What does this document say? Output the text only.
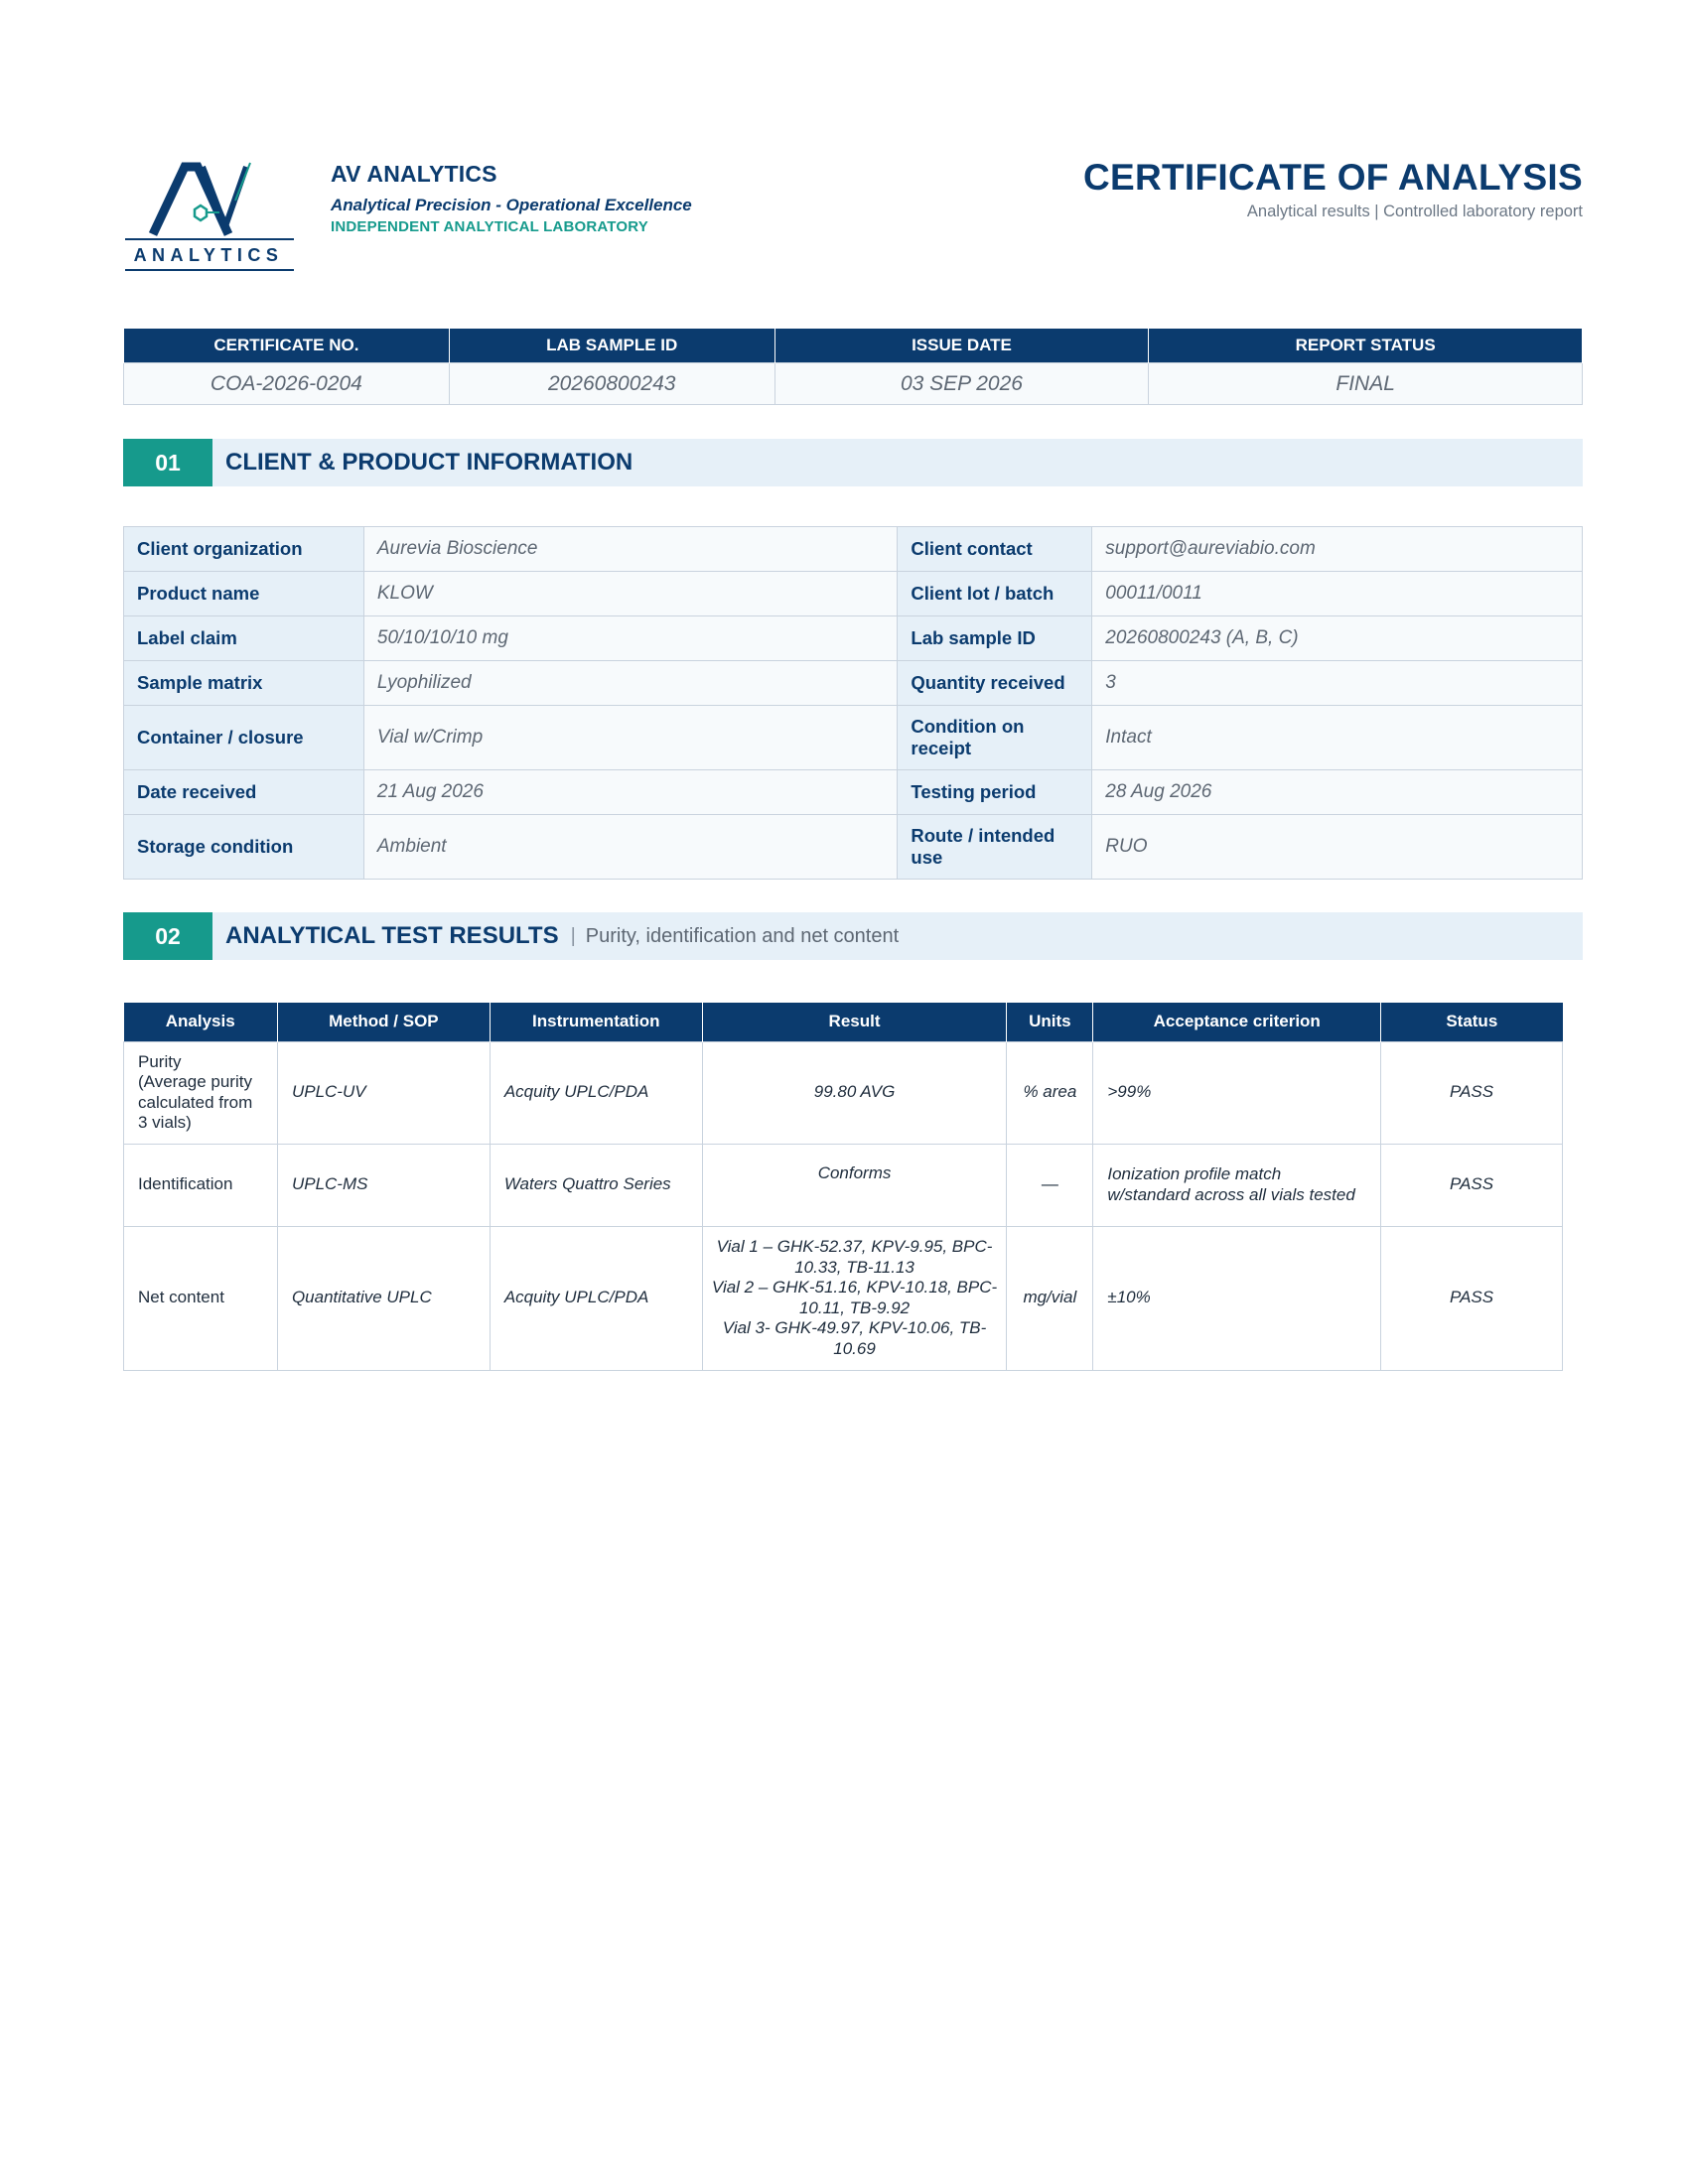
ANALYTICS
AV ANALYTICS
Analytical Precision - Operational Excellence
INDEPENDENT ANALYTICAL LABORATORY
CERTIFICATE OF ANALYSIS
Analytical results | Controlled laboratory report
CERTIFICATE NO.	LAB SAMPLE ID	ISSUE DATE	REPORT STATUS
COA-2026-0204	20260800243	03 SEP 2026	FINAL
01	CLIENT & PRODUCT INFORMATION
Client organization	Aurevia Bioscience	Client contact	support@aureviabio.com
Product name	KLOW	Client lot / batch	00011/0011
Label claim	50/10/10/10 mg	Lab sample ID	20260800243 (A, B, C)
Sample matrix	Lyophilized	Quantity received	3
Container / closure	Vial w/Crimp	Condition on receipt	Intact
Date received	21 Aug 2026	Testing period	28 Aug 2026
Storage condition	Ambient	Route / intended use	RUO
02	ANALYTICAL TEST RESULTS | Purity, identification and net content
Analysis	Method / SOP	Instrumentation	Result	Units	Acceptance criterion	Status
Purity
(Average purity calculated from 3 vials)	UPLC-UV	Acquity UPLC/PDA	99.80 AVG	% area	>99%	PASS
Identification	UPLC-MS	Waters Quattro Series	Conforms	—	Ionization profile match w/standard across all vials tested	PASS
Net content	Quantitative UPLC	Acquity UPLC/PDA	Vial 1 – GHK-52.37, KPV-9.95, BPC-10.33, TB-11.13
Vial 2 – GHK-51.16, KPV-10.18, BPC-10.11, TB-9.92
Vial 3- GHK-49.97, KPV-10.06, TB-10.69	mg/vial	±10%	PASS
